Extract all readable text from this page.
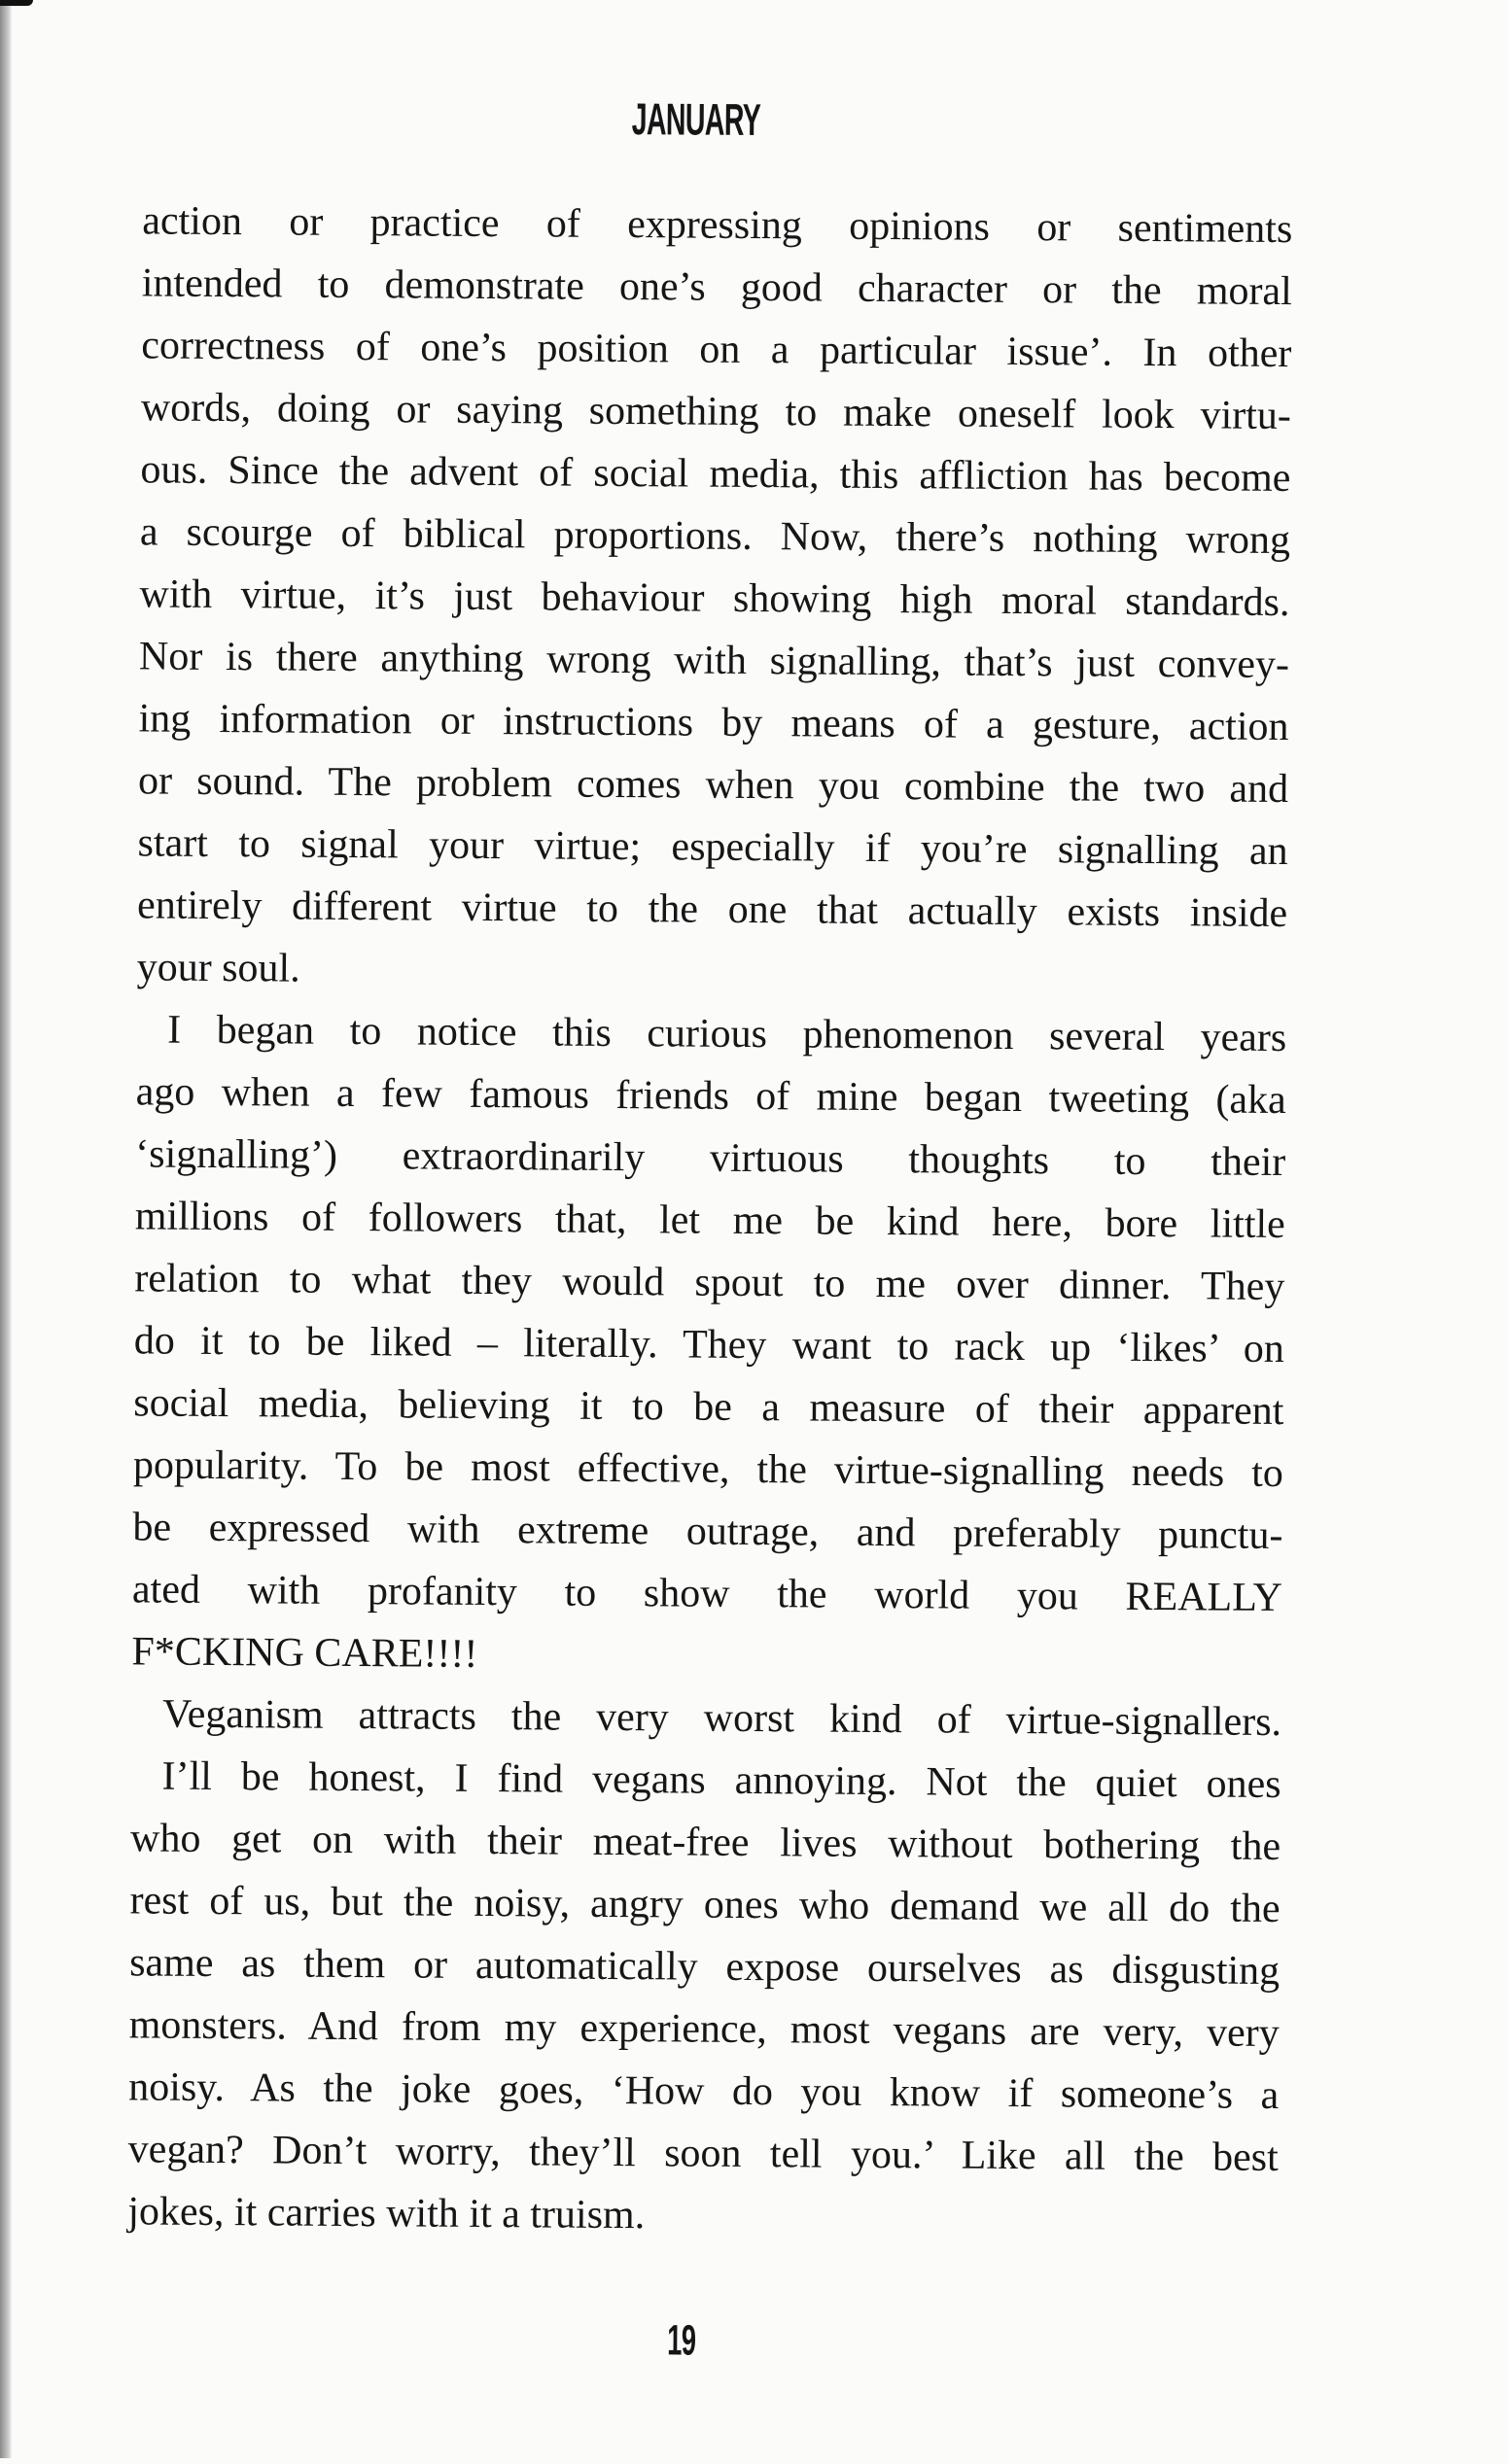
JANUARY
action or practice of expressing opinions or sentiments
intended to demonstrate one’s good character or the moral
correctness of one’s position on a particular issue’. In other
words, doing or saying something to make oneself look virtu-
ous. Since the advent of social media, this affliction has become
a scourge of biblical proportions. Now, there’s nothing wrong
with virtue, it’s just behaviour showing high moral standards.
Nor is there anything wrong with signalling, that’s just convey-
ing information or instructions by means of a gesture, action
or sound. The problem comes when you combine the two and
start to signal your virtue; especially if you’re signalling an
entirely different virtue to the one that actually exists inside
your soul.
I began to notice this curious phenomenon several years
ago when a few famous friends of mine began tweeting (aka
‘signalling’) extraordinarily virtuous thoughts to their
millions of followers that, let me be kind here, bore little
relation to what they would spout to me over dinner. They
do it to be liked – literally. They want to rack up ‘likes’ on
social media, believing it to be a measure of their apparent
popularity. To be most effective, the virtue-signalling needs to
be expressed with extreme outrage, and preferably punctu-
ated with profanity to show the world you REALLY
F*CKING CARE!!!!
Veganism attracts the very worst kind of virtue-signallers.
I’ll be honest, I find vegans annoying. Not the quiet ones
who get on with their meat-free lives without bothering the
rest of us, but the noisy, angry ones who demand we all do the
same as them or automatically expose ourselves as disgusting
monsters. And from my experience, most vegans are very, very
noisy. As the joke goes, ‘How do you know if someone’s a
vegan? Don’t worry, they’ll soon tell you.’ Like all the best
jokes, it carries with it a truism.
19
